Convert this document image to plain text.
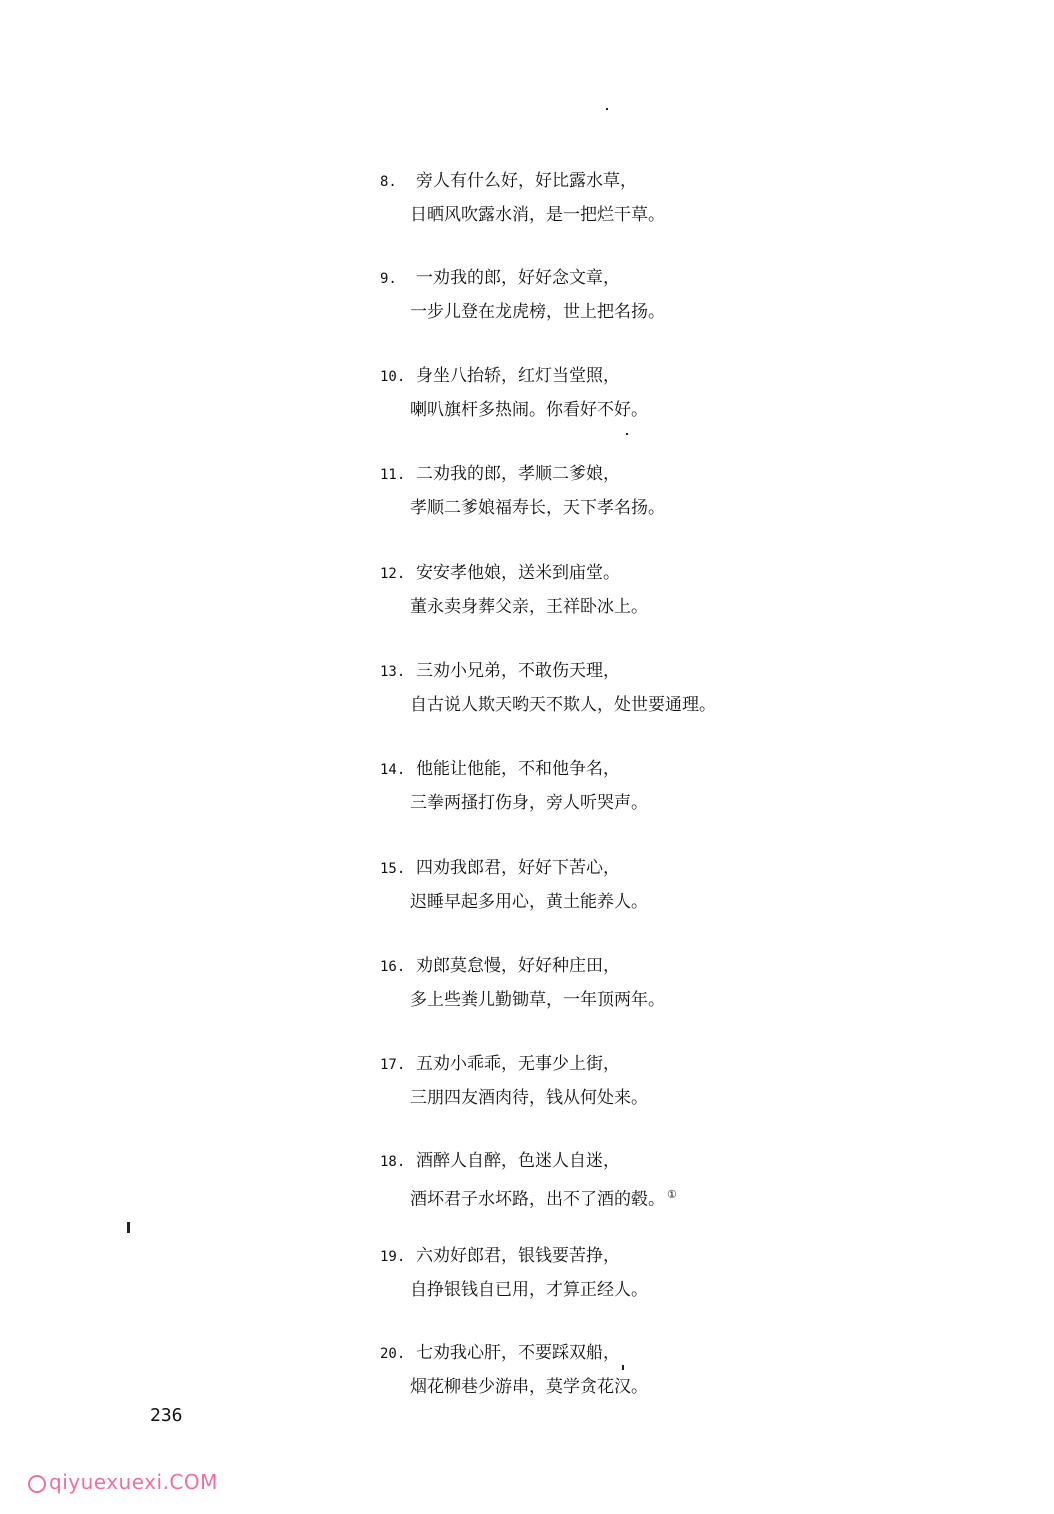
8.	旁人有什么好，好比露水草，
日晒风吹露水消，是一把烂干草。
9.	一劝我的郎，好好念文章，
一步儿登在龙虎榜，世上把名扬。
10. 身坐八抬轿，红灯当堂照，
喇叭旗杆多热闹。你看好不好。
11. 二劝我的郎，孝顺二爹娘，
孝顺二爹娘福寿长，天下孝名扬。
12. 安安孝他娘，送米到庙堂。
董永卖身葬父亲，王祥卧冰上。
13. 三劝小兄弟，不敢伤天理，
自古说人欺天哟天不欺人，处世要通理。
14. 他能让他能，不和他争名，
三拳两搔打伤身，旁人听哭声。
15. 四劝我郎君，好好下苦心，
迟睡早起多用心，黄土能养人。
16. 劝郎莫怠慢，好好种庄田，
多上些粪儿勤锄草，一年顶两年。
17. 五劝小乖乖，无事少上街，
三朋四友酒肉待，钱从何处来。
18. 酒醉人自醉，色迷人自迷，
酒坏君子水坏路，出不了酒的毂。 ①
19. 六劝好郎君，银钱要苦挣，
自挣银钱自已用，才算正经人。
20. 七劝我心肝，不要踩双船，
烟花柳巷少游串，莫学贪花汉。
236
qiyuexuexi.COM
